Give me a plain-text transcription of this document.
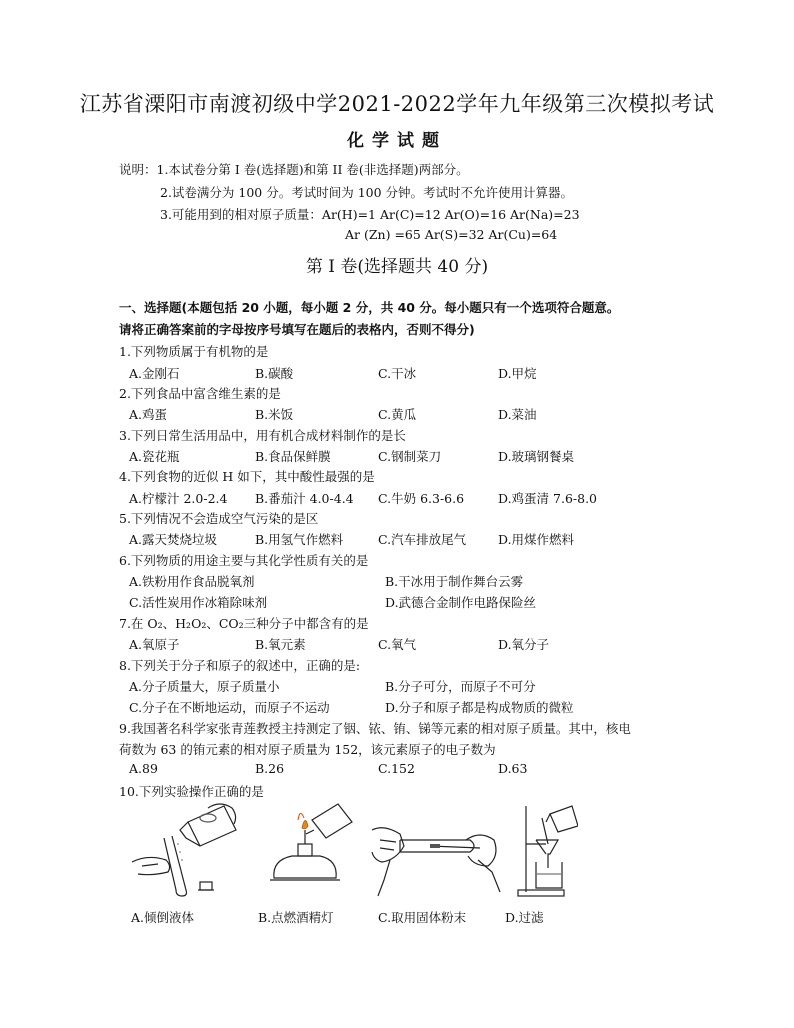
江苏省溧阳市南渡初级中学2021-2022学年九年级第三次模拟考试
化学试题
说明：1.本试卷分第 I 卷(选择题)和第 II 卷(非选择题)两部分。
2.试卷满分为 100 分。考试时间为 100 分钟。考试时不允许使用计算器。
3.可能用到的相对原子质量：Ar(H)=1 Ar(C)=12 Ar(O)=16 Ar(Na)=23
Ar (Zn) =65 Ar(S)=32 Ar(Cu)=64
第 I 卷(选择题共 40 分)
一、选择题(本题包括 20 小题，每小题 2 分，共 40 分。每小题只有一个选项符合题意。
请将正确答案前的字母按序号填写在题后的表格内，否则不得分)
1.下列物质属于有机物的是
A.金刚石	B.碳酸	C.干冰	D.甲烷
2.下列食品中富含维生素的是
A.鸡蛋	B.米饭	C.黄瓜	D.菜油
3.下列日常生活用品中，用有机合成材料制作的是长
A.瓷花瓶	B.食品保鲜膜	C.钢制菜刀	D.玻璃钢餐桌
4.下列食物的近似 H 如下，其中酸性最强的是
A.柠檬汁 2.0-2.4 B.番茄汁 4.0-4.4 C.牛奶 6.3-6.6	D.鸡蛋清 7.6-8.0
5.下列情况不会造成空气污染的是区
A.露天焚烧垃圾	B.用氢气作燃料	C.汽车排放尾气	D.用煤作燃料
6.下列物质的用途主要与其化学性质有关的是
A.铁粉用作食品脱氧剂	B.干冰用于制作舞台云雾
C.活性炭用作冰箱除味剂	D.武德合金制作电路保险丝
7.在 O₂、H₂O₂、CO₂三种分子中都含有的是
A.氧原子	B.氧元素	C.氧气	D.氧分子
8.下列关于分子和原子的叙述中，正确的是:
A.分子质量大，原子质量小	B.分子可分，而原子不可分
C.分子在不断地运动，而原子不运动	D.分子和原子都是构成物质的微粒
9.我国著名科学家张青莲教授主持测定了铟、铱、铕、锑等元素的相对原子质量。其中，核电
荷数为 63 的铕元素的相对原子质量为 152，该元素原子的电子数为
A.89	B.26	C.152	D.63
10.下列实验操作正确的是
A.倾倒液体	B.点燃酒精灯	C.取用固体粉末	D.过滤
